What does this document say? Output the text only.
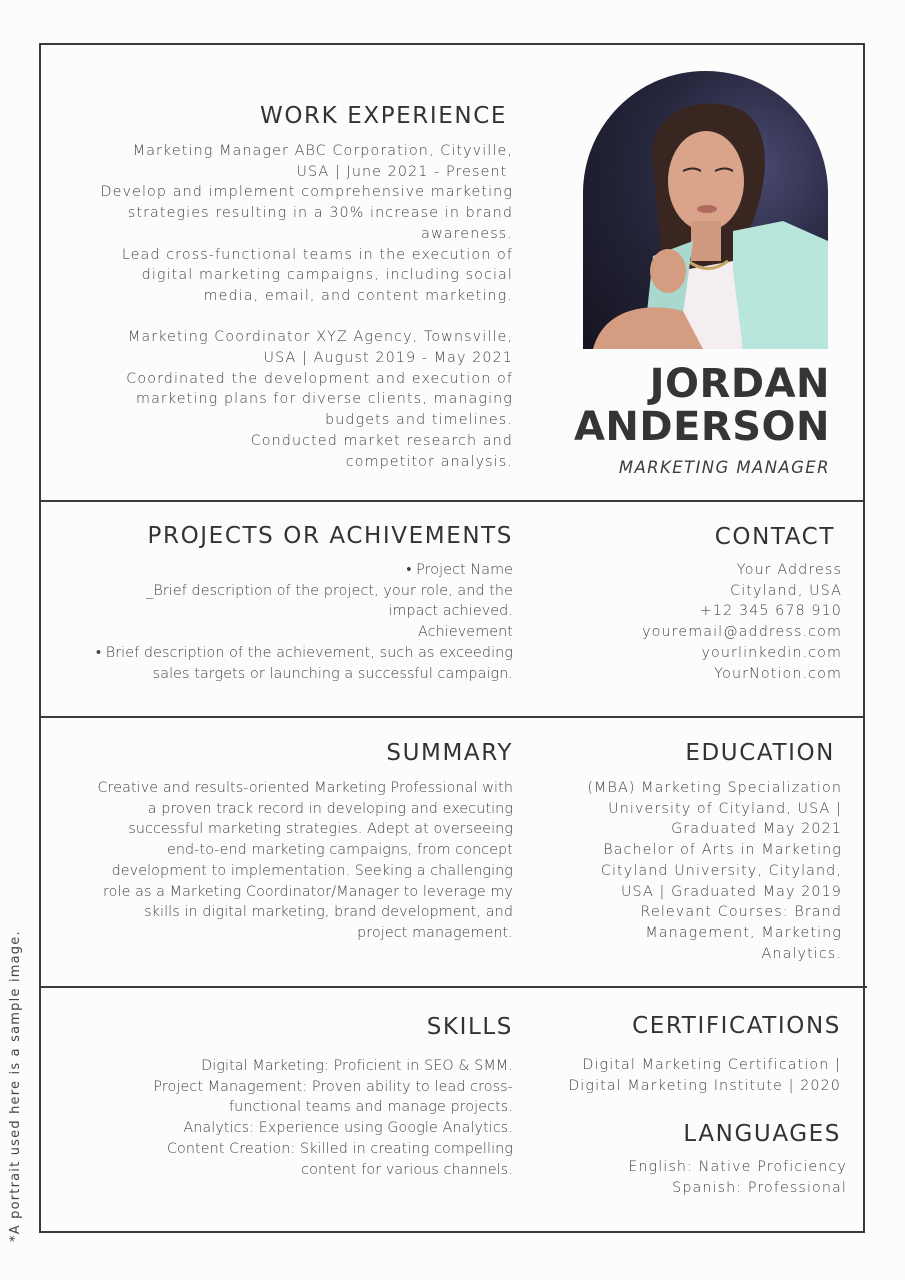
WORK EXPERIENCE
Marketing Manager ABC Corporation, Cityville,
USA | June 2021 - Present
Develop and implement comprehensive marketing
strategies resulting in a 30% increase in brand
awareness.
Lead cross-functional teams in the execution of
digital marketing campaigns, including social
media, email, and content marketing.
Marketing Coordinator XYZ Agency, Townsville,
USA | August 2019 - May 2021
Coordinated the development and execution of
marketing plans for diverse clients, managing
budgets and timelines.
Conducted market research and
competitor analysis.
JORDAN
ANDERSON
MARKETING MANAGER
PROJECTS OR ACHIVEMENTS
• Project Name
_Brief description of the project, your role, and the
impact achieved.
Achievement
• Brief description of the achievement, such as exceeding
sales targets or launching a successful campaign.
CONTACT
Your Address
Cityland, USA
+12 345 678 910
youremail@address.com
yourlinkedin.com
YourNotion.com
SUMMARY
Creative and results-oriented Marketing Professional with
a proven track record in developing and executing
successful marketing strategies. Adept at overseeing
end-to-end marketing campaigns, from concept
development to implementation. Seeking a challenging
role as a Marketing Coordinator/Manager to leverage my
skills in digital marketing, brand development, and
project management.
EDUCATION
(MBA) Marketing Specialization
University of Cityland, USA |
Graduated May 2021
Bachelor of Arts in Marketing
Cityland University, Cityland,
USA | Graduated May 2019
Relevant Courses: Brand
Management, Marketing
Analytics.
SKILLS
Digital Marketing: Proficient in SEO & SMM.
Project Management: Proven ability to lead cross-
functional teams and manage projects.
Analytics: Experience using Google Analytics.
Content Creation: Skilled in creating compelling
content for various channels.
CERTIFICATIONS
Digital Marketing Certification |
Digital Marketing Institute | 2020
LANGUAGES
English: Native Proficiency
Spanish: Professional
*A portrait used here is a sample image.
